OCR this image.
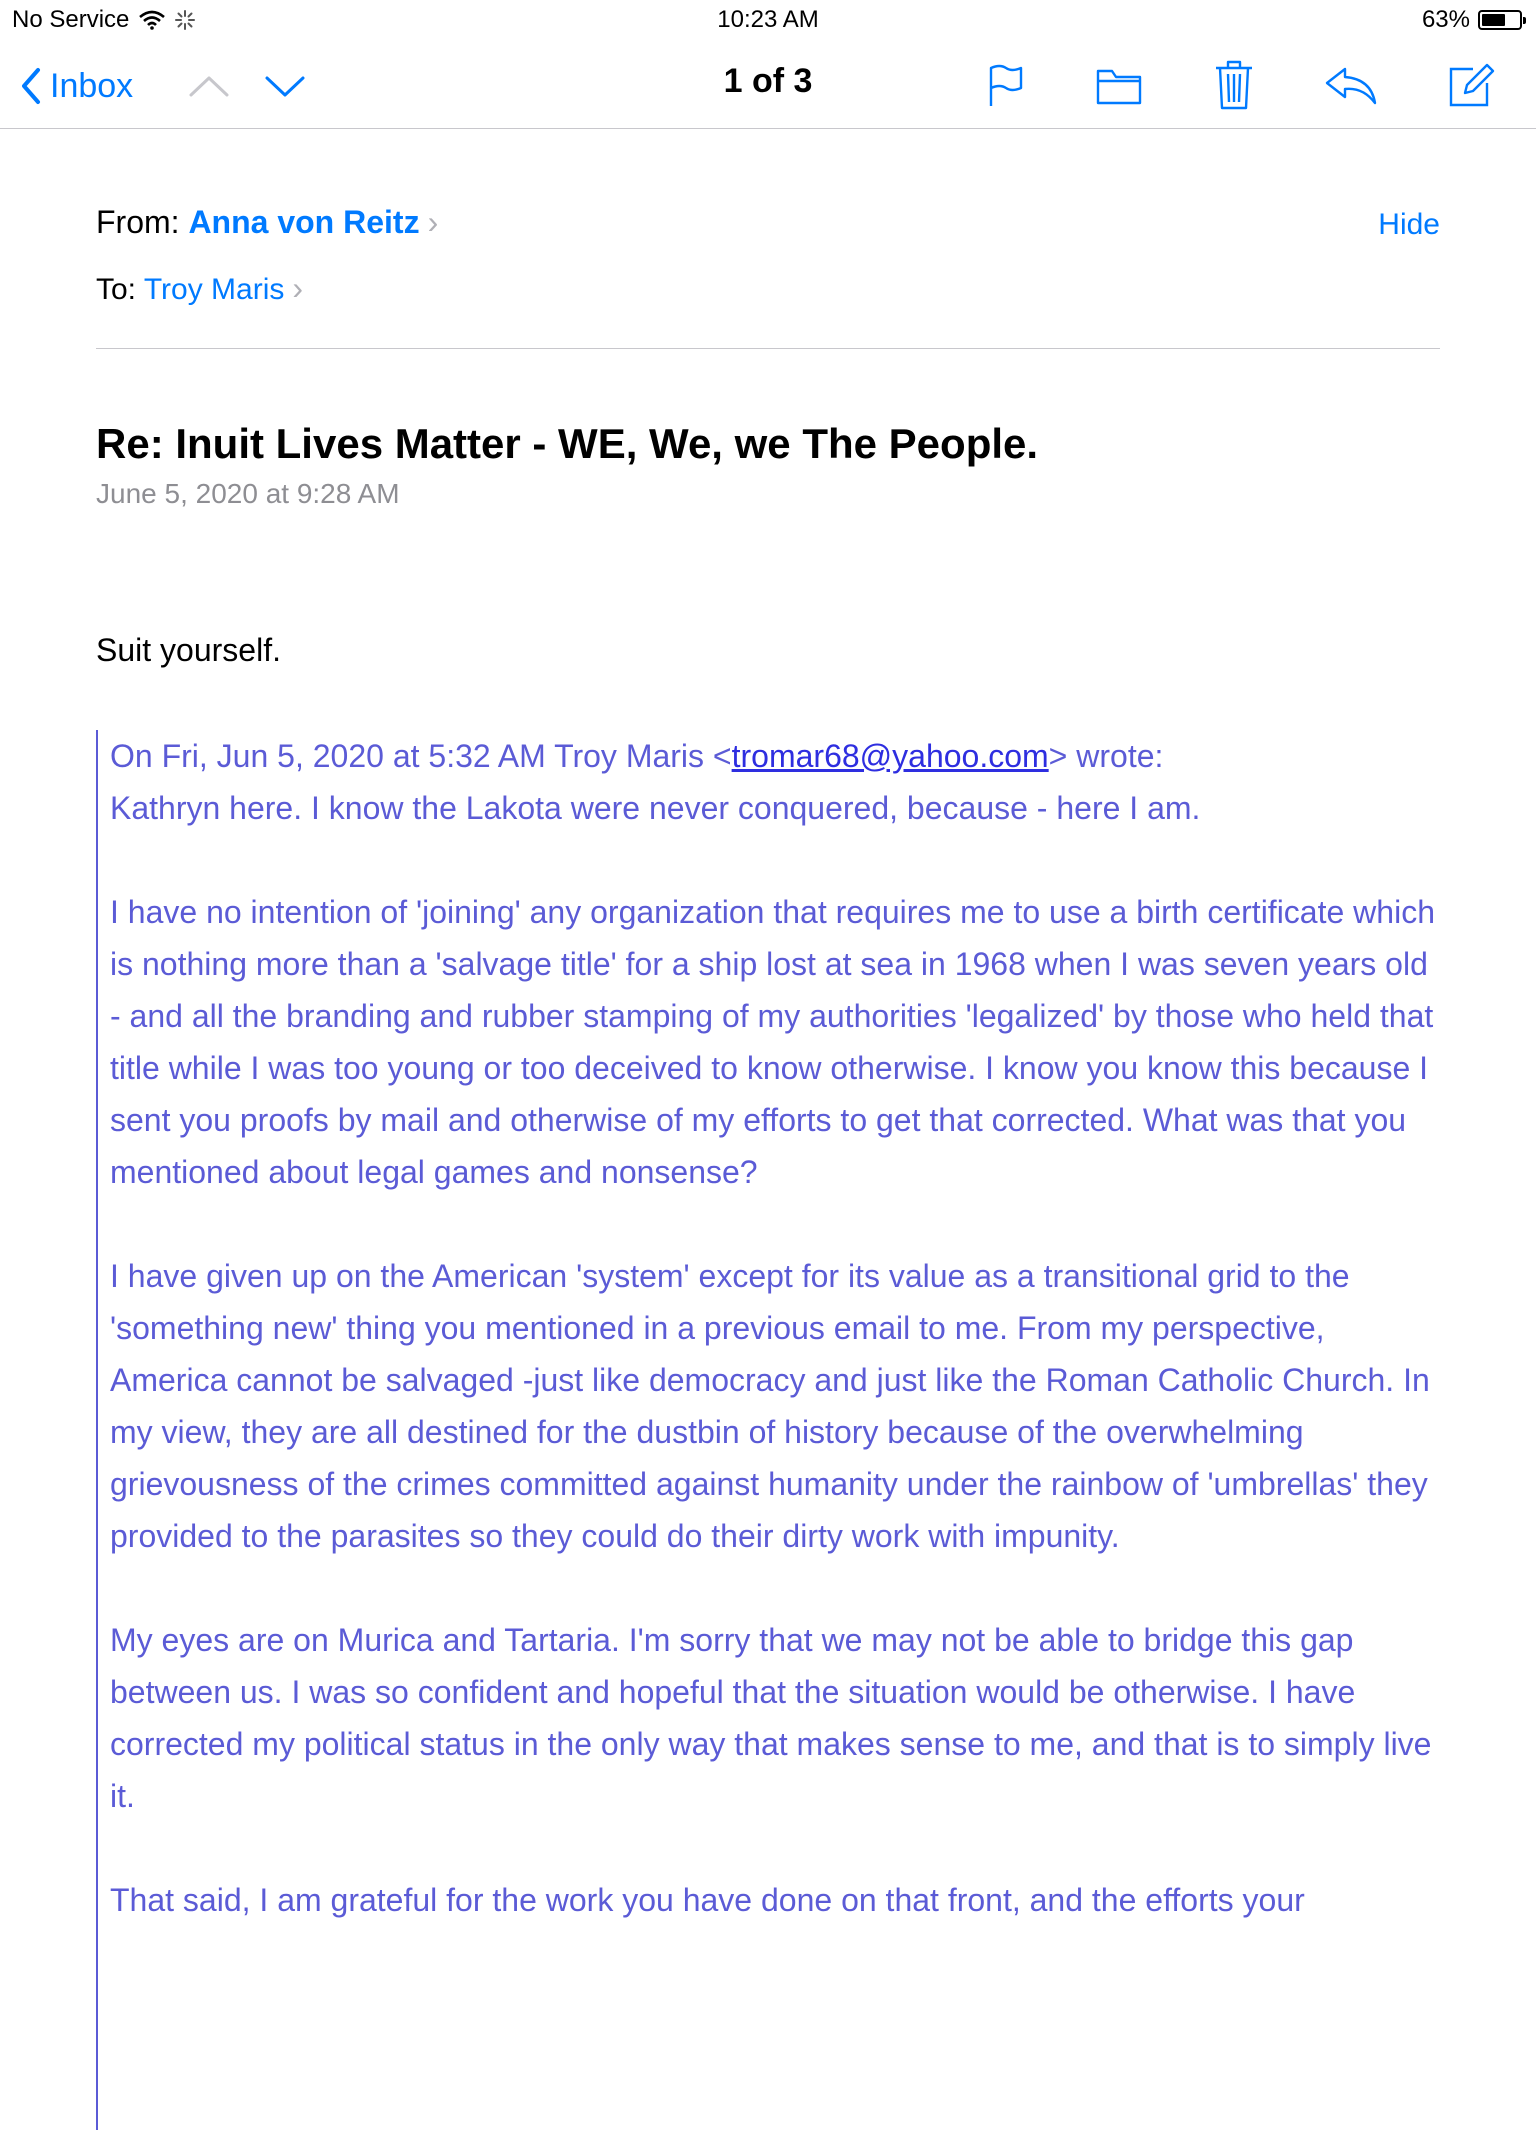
No Service	10:23 AM	63%
Inbox	1 of 3
From: Anna von Reitz ›	Hide
To: Troy Maris ›
Re: Inuit Lives Matter - WE, We, we The People.
June 5, 2020 at 9:28 AM
Suit yourself.

On Fri, Jun 5, 2020 at 5:32 AM Troy Maris <tromar68@yahoo.com> wrote:

Kathryn here. I know the Lakota were never conquered, because - here I am.

I have no intention of 'joining' any organization that requires me to use a birth certificate which is nothing more than a 'salvage title' for a ship lost at sea in 1968 when I was seven years old - and all the branding and rubber stamping of my authorities 'legalized' by those who held that title while I was too young or too deceived to know otherwise. I know you know this because I sent you proofs by mail and otherwise of my efforts to get that corrected. What was that you mentioned about legal games and nonsense?

I have given up on the American 'system' except for its value as a transitional grid to the 'something new' thing you mentioned in a previous email to me. From my perspective, America cannot be salvaged -just like democracy and just like the Roman Catholic Church. In my view, they are all destined for the dustbin of history because of the overwhelming grievousness of the crimes committed against humanity under the rainbow of 'umbrellas' they provided to the parasites so they could do their dirty work with impunity.

My eyes are on Murica and Tartaria. I'm sorry that we may not be able to bridge this gap between us. I was so confident and hopeful that the situation would be otherwise. I have corrected my political status in the only way that makes sense to me, and that is to simply live it.

That said, I am grateful for the work you have done on that front, and the efforts your
